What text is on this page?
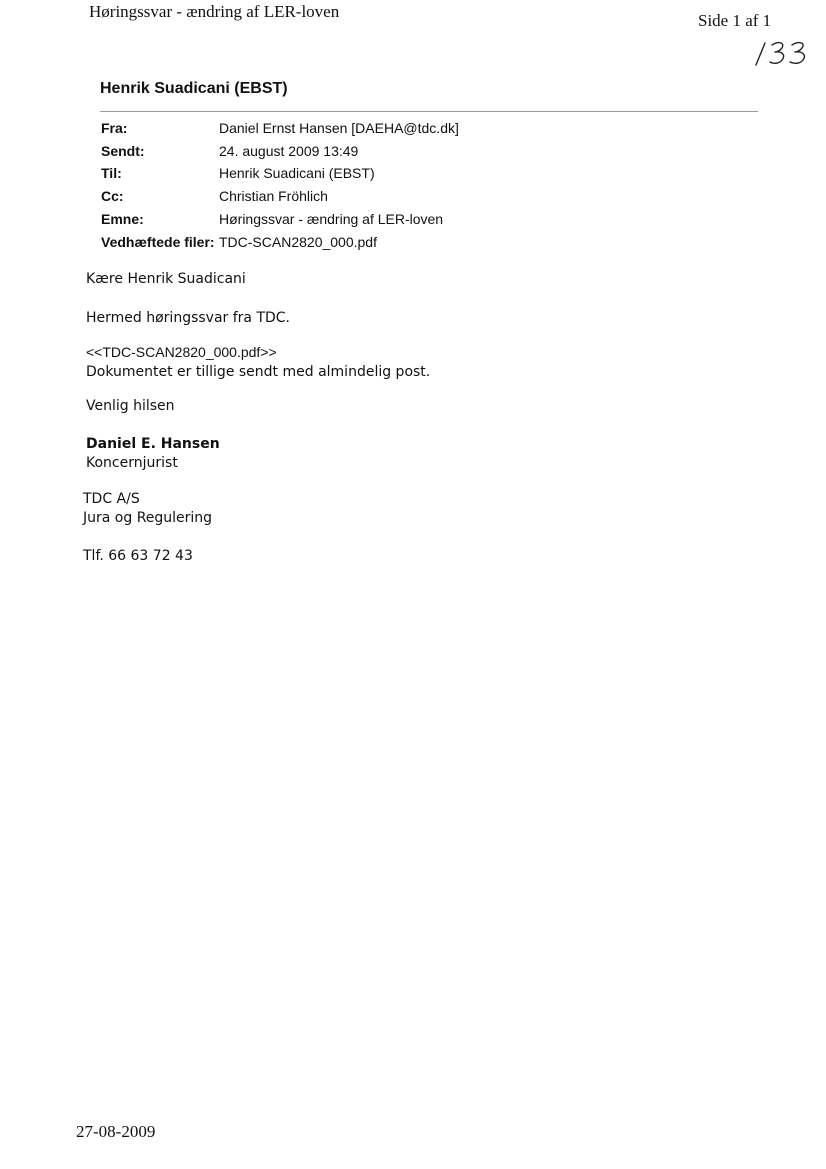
Høringssvar - ændring af LER-loven	Side 1 af 1
Henrik Suadicani (EBST)
Fra:	Daniel Ernst Hansen [DAEHA@tdc.dk]
Sendt:	24. august 2009 13:49
Til:	Henrik Suadicani (EBST)
Cc:	Christian Fröhlich
Emne:	Høringssvar - ændring af LER-loven
Vedhæftede filer: TDC-SCAN2820_000.pdf
Kære Henrik Suadicani
Hermed høringssvar fra TDC.
<<TDC-SCAN2820_000.pdf>>
Dokumentet er tillige sendt med almindelig post.
Venlig hilsen
Daniel E. Hansen
Koncernjurist
TDC A/S
Jura og Regulering
Tlf. 66 63 72 43
27-08-2009
